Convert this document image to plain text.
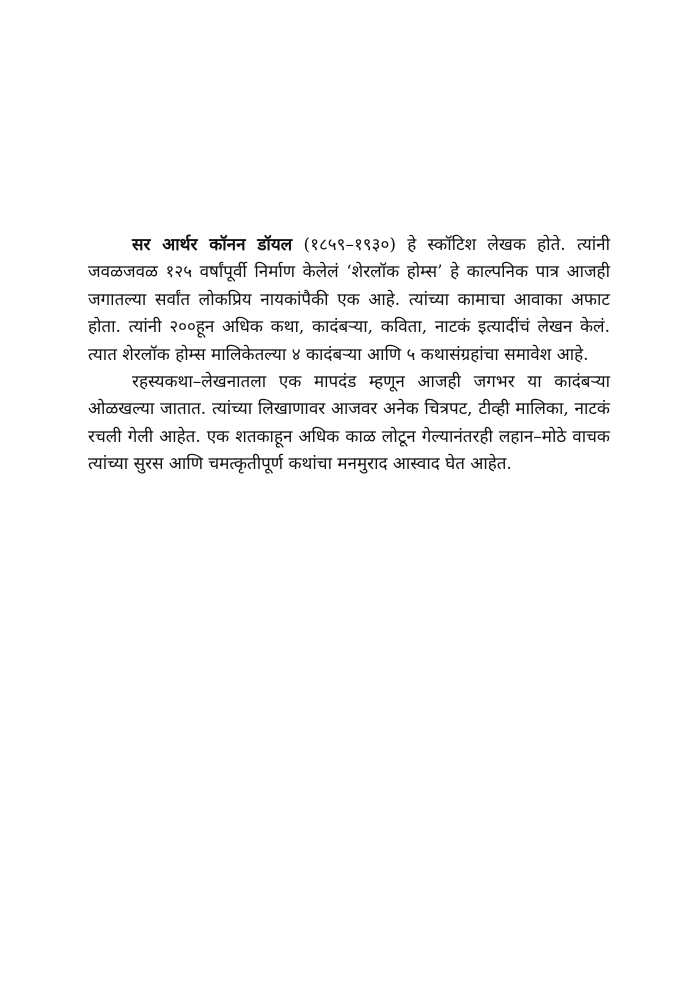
सर आर्थर कॉनन डॉयल (१८५९–१९३०) हे स्कॉटिश लेखक होते. त्यांनी जवळजवळ १२५ वर्षांपूर्वी निर्माण केलेलं ‘शेरलॉक होम्स’ हे काल्पनिक पात्र आजही जगातल्या सर्वांत लोकप्रिय नायकांपैकी एक आहे. त्यांच्या कामाचा आवाका अफाट होता. त्यांनी २००हून अधिक कथा, कादंबऱ्या, कविता, नाटकं इत्यादींचं लेखन केलं. त्यात शेरलॉक होम्स मालिकेतल्या ४ कादंबऱ्या आणि ५ कथासंग्रहांचा समावेश आहे.

रहस्यकथा–लेखनातला एक मापदंड म्हणून आजही जगभर या कादंबऱ्या ओळखल्या जातात. त्यांच्या लिखाणावर आजवर अनेक चित्रपट, टीव्ही मालिका, नाटकं रचली गेली आहेत. एक शतकाहून अधिक काळ लोटून गेल्यानंतरही लहान–मोठे वाचक त्यांच्या सुरस आणि चमत्कृतीपूर्ण कथांचा मनमुराद आस्वाद घेत आहेत.
